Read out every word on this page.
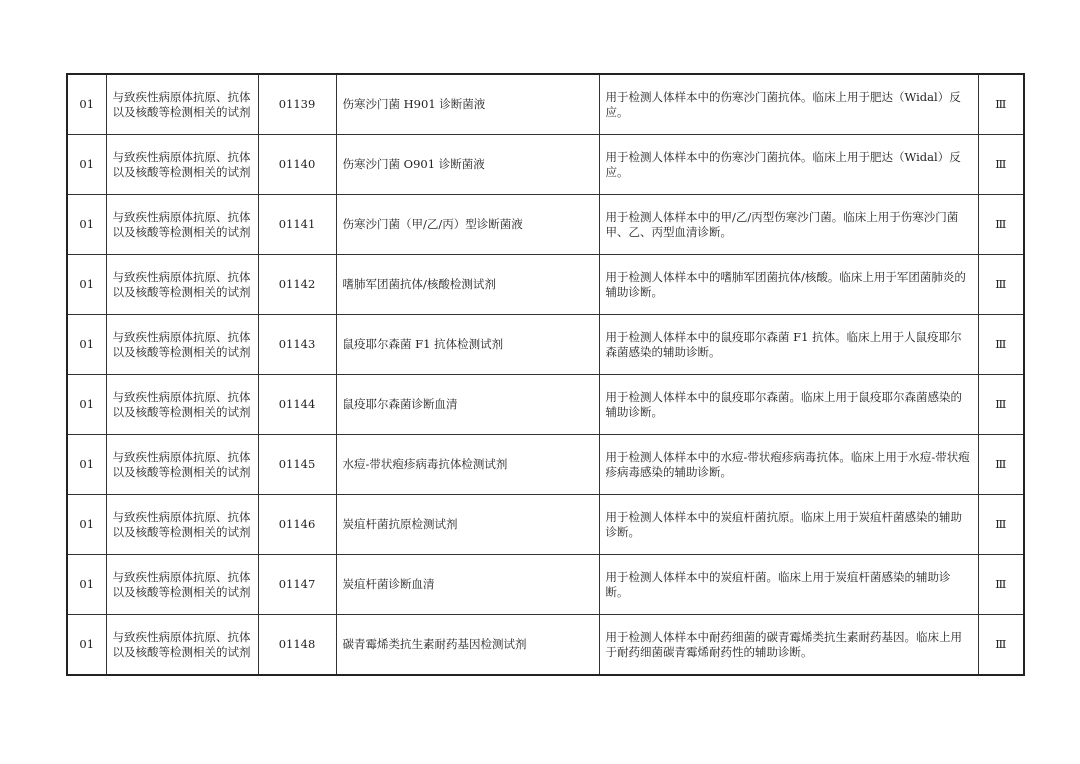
01	与致疾性病原体抗原、抗体以及核酸等检测相关的试剂	01139	伤寒沙门菌 H901 诊断菌液	用于检测人体样本中的伤寒沙门菌抗体。临床上用于肥达（Widal）反应。	Ⅲ
01	与致疾性病原体抗原、抗体以及核酸等检测相关的试剂	01140	伤寒沙门菌 O901 诊断菌液	用于检测人体样本中的伤寒沙门菌抗体。临床上用于肥达（Widal）反应。	Ⅲ
01	与致疾性病原体抗原、抗体以及核酸等检测相关的试剂	01141	伤寒沙门菌（甲/乙/丙）型诊断菌液	用于检测人体样本中的甲/乙/丙型伤寒沙门菌。临床上用于伤寒沙门菌甲、乙、丙型血清诊断。	Ⅲ
01	与致疾性病原体抗原、抗体以及核酸等检测相关的试剂	01142	嗜肺军团菌抗体/核酸检测试剂	用于检测人体样本中的嗜肺军团菌抗体/核酸。临床上用于军团菌肺炎的辅助诊断。	Ⅲ
01	与致疾性病原体抗原、抗体以及核酸等检测相关的试剂	01143	鼠疫耶尔森菌 F1 抗体检测试剂	用于检测人体样本中的鼠疫耶尔森菌 F1 抗体。临床上用于人鼠疫耶尔森菌感染的辅助诊断。	Ⅲ
01	与致疾性病原体抗原、抗体以及核酸等检测相关的试剂	01144	鼠疫耶尔森菌诊断血清	用于检测人体样本中的鼠疫耶尔森菌。临床上用于鼠疫耶尔森菌感染的辅助诊断。	Ⅲ
01	与致疾性病原体抗原、抗体以及核酸等检测相关的试剂	01145	水痘-带状疱疹病毒抗体检测试剂	用于检测人体样本中的水痘-带状疱疹病毒抗体。临床上用于水痘-带状疱疹病毒感染的辅助诊断。	Ⅲ
01	与致疾性病原体抗原、抗体以及核酸等检测相关的试剂	01146	炭疽杆菌抗原检测试剂	用于检测人体样本中的炭疽杆菌抗原。临床上用于炭疽杆菌感染的辅助诊断。	Ⅲ
01	与致疾性病原体抗原、抗体以及核酸等检测相关的试剂	01147	炭疽杆菌诊断血清	用于检测人体样本中的炭疽杆菌。临床上用于炭疽杆菌感染的辅助诊断。	Ⅲ
01	与致疾性病原体抗原、抗体以及核酸等检测相关的试剂	01148	碳青霉烯类抗生素耐药基因检测试剂	用于检测人体样本中耐药细菌的碳青霉烯类抗生素耐药基因。临床上用于耐药细菌碳青霉烯耐药性的辅助诊断。	Ⅲ
